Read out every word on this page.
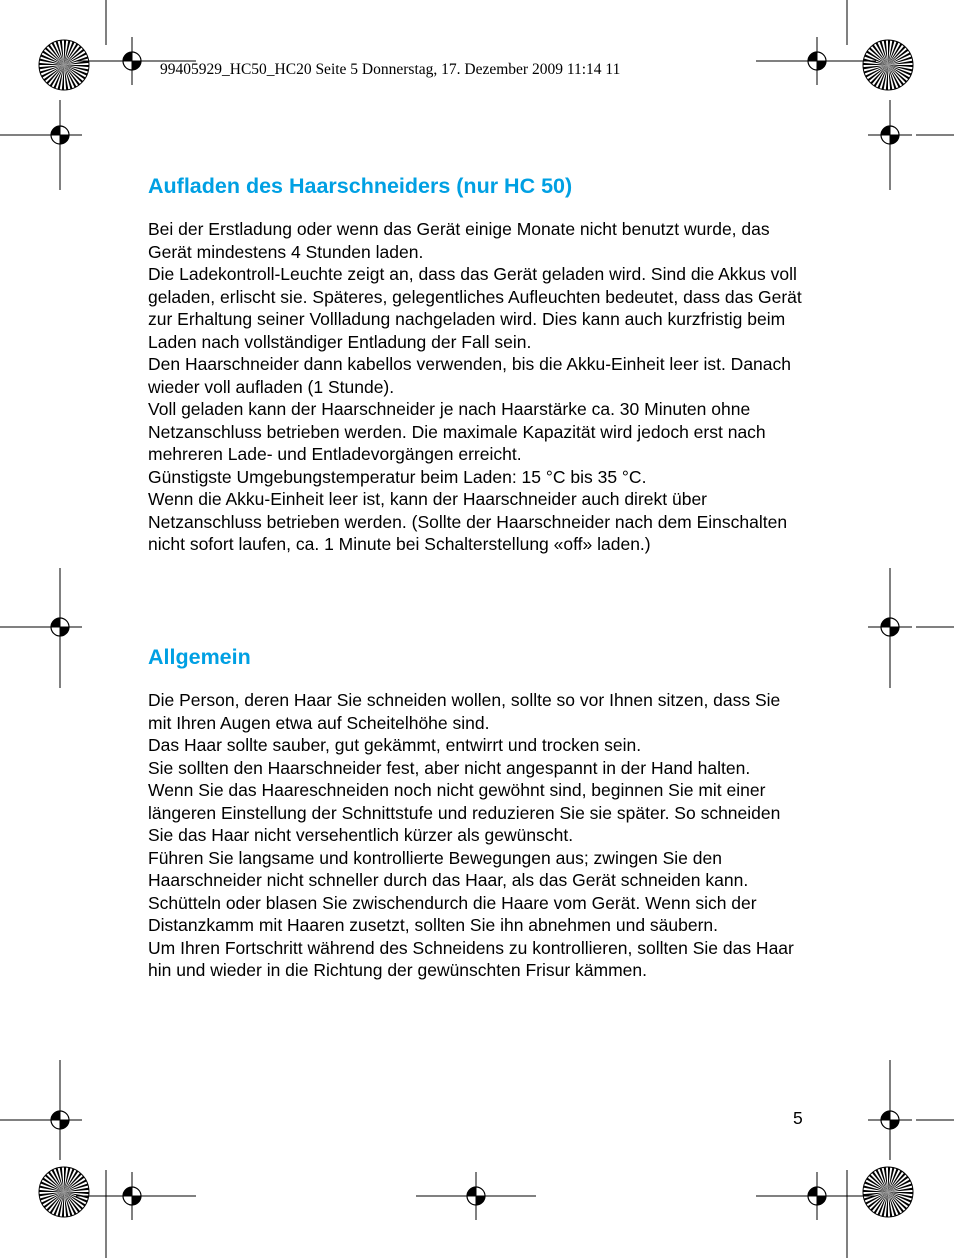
99405929_HC50_HC20 Seite 5 Donnerstag, 17. Dezember 2009 11:14 11
Aufladen des Haarschneiders (nur HC 50)

Bei der Erstladung oder wenn das Gerät einige Monate nicht benutzt wurde, das Gerät mindestens 4 Stunden laden.

Die Ladekontroll-Leuchte zeigt an, dass das Gerät geladen wird. Sind die Akkus voll geladen, erlischt sie. Späteres, gelegentliches Aufleuchten bedeutet, dass das Gerät zur Erhaltung seiner Vollladung nachgeladen wird. Dies kann auch kurzfristig beim Laden nach vollständiger Entladung der Fall sein.

Den Haarschneider dann kabellos verwenden, bis die Akku-Einheit leer ist. Danach wieder voll aufladen (1 Stunde).

Voll geladen kann der Haarschneider je nach Haarstärke ca. 30 Minuten ohne Netzanschluss betrieben werden. Die maximale Kapazität wird jedoch erst nach mehreren Lade- und Entladevorgängen erreicht.

Günstigste Umgebungstemperatur beim Laden: 15 °C bis 35 °C.

Wenn die Akku-Einheit leer ist, kann der Haarschneider auch direkt über Netzanschluss betrieben werden. (Sollte der Haarschneider nach dem Einschalten nicht sofort laufen, ca. 1 Minute bei Schalterstellung «off» laden.)

Allgemein

Die Person, deren Haar Sie schneiden wollen, sollte so vor Ihnen sitzen, dass Sie mit Ihren Augen etwa auf Scheitelhöhe sind.

Das Haar sollte sauber, gut gekämmt, entwirrt und trocken sein.

Sie sollten den Haarschneider fest, aber nicht angespannt in der Hand halten.

Wenn Sie das Haareschneiden noch nicht gewöhnt sind, beginnen Sie mit einer längeren Einstellung der Schnittstufe und reduzieren Sie sie später. So schneiden Sie das Haar nicht versehentlich kürzer als gewünscht.

Führen Sie langsame und kontrollierte Bewegungen aus; zwingen Sie den Haarschneider nicht schneller durch das Haar, als das Gerät schneiden kann.

Schütteln oder blasen Sie zwischendurch die Haare vom Gerät. Wenn sich der Distanzkamm mit Haaren zusetzt, sollten Sie ihn abnehmen und säubern.

Um Ihren Fortschritt während des Schneidens zu kontrollieren, sollten Sie das Haar hin und wieder in die Richtung der gewünschten Frisur kämmen.

5
